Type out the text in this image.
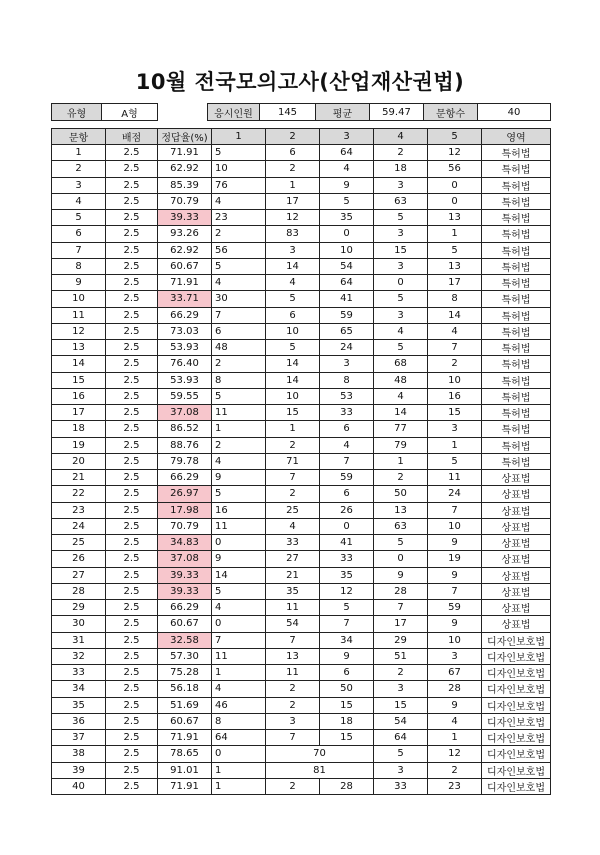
10월 전국모의고사(산업재산권법)
유형	A형		응시인원	145	평균	59.47	문항수	40
문항	배점	정답율(%)	1	2	3	4	5	영역
1	2.5	71.91	5	6	64	2	12	특허법
2	2.5	62.92	10	2	4	18	56	특허법
3	2.5	85.39	76	1	9	3	0	특허법
4	2.5	70.79	4	17	5	63	0	특허법
5	2.5	39.33	23	12	35	5	13	특허법
6	2.5	93.26	2	83	0	3	1	특허법
7	2.5	62.92	56	3	10	15	5	특허법
8	2.5	60.67	5	14	54	3	13	특허법
9	2.5	71.91	4	4	64	0	17	특허법
10	2.5	33.71	30	5	41	5	8	특허법
11	2.5	66.29	7	6	59	3	14	특허법
12	2.5	73.03	6	10	65	4	4	특허법
13	2.5	53.93	48	5	24	5	7	특허법
14	2.5	76.40	2	14	3	68	2	특허법
15	2.5	53.93	8	14	8	48	10	특허법
16	2.5	59.55	5	10	53	4	16	특허법
17	2.5	37.08	11	15	33	14	15	특허법
18	2.5	86.52	1	1	6	77	3	특허법
19	2.5	88.76	2	2	4	79	1	특허법
20	2.5	79.78	4	71	7	1	5	특허법
21	2.5	66.29	9	7	59	2	11	상표법
22	2.5	26.97	5	2	6	50	24	상표법
23	2.5	17.98	16	25	26	13	7	상표법
24	2.5	70.79	11	4	0	63	10	상표법
25	2.5	34.83	0	33	41	5	9	상표법
26	2.5	37.08	9	27	33	0	19	상표법
27	2.5	39.33	14	21	35	9	9	상표법
28	2.5	39.33	5	35	12	28	7	상표법
29	2.5	66.29	4	11	5	7	59	상표법
30	2.5	60.67	0	54	7	17	9	상표법
31	2.5	32.58	7	7	34	29	10	디자인보호법
32	2.5	57.30	11	13	9	51	3	디자인보호법
33	2.5	75.28	1	11	6	2	67	디자인보호법
34	2.5	56.18	4	2	50	3	28	디자인보호법
35	2.5	51.69	46	2	15	15	9	디자인보호법
36	2.5	60.67	8	3	18	54	4	디자인보호법
37	2.5	71.91	64	7	15	64	1	디자인보호법
38	2.5	78.65	0	70		5	12	디자인보호법
39	2.5	91.01	1	81		3	2	디자인보호법
40	2.5	71.91	1	2	28	33	23	디자인보호법
